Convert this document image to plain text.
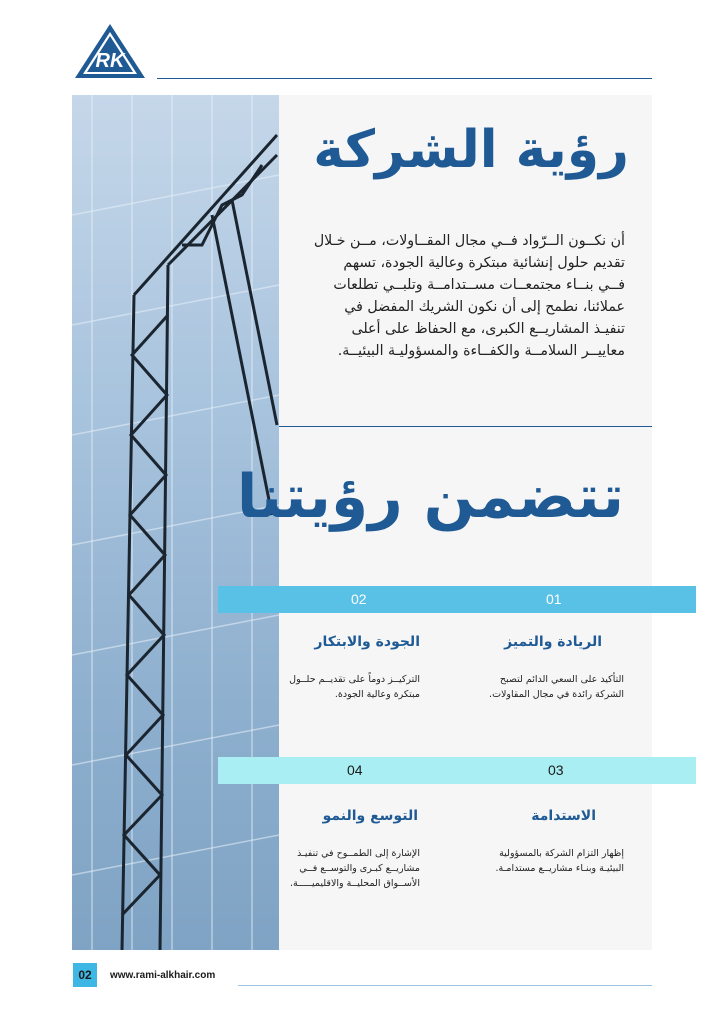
RK
رؤية الشركة
أن نكــون الــرّواد فــي مجال المقــاولات، مــن خـلال
تقديم حلول إنشائية مبتكرة وعالية الجودة، تسهم
فــي بنــاء مجتمعــات مســتدامــة وتلبــي تطلعات
عملائنا، نطمح إلى أن نكون الشريك المفضل في
تنفيـذ المشاريــع الكبرى، مع الحفاظ على أعلى
معاييــر السلامــة والكفــاءة والمسؤوليـة البيئيــة.
تتضمن رؤيتنا
01
02
الريادة والتميز
التأكيد على السعي الدائم لتصبح
الشركة رائدة في مجال المقاولات.
الجودة والابتكار
التركيــز دوماً على تقديــم حلــول
مبتكرة وعالية الجودة.
03
04
الاستدامة
إظهار التزام الشركة بالمسؤولية
البيئيـة وبنـاء مشاريــع مستدامـة.
التوسع والنمو
الإشارة إلى الطمــوح في تنفيـذ
مشاريــع كبـرى والتوســع فــي
الأســواق المحليــة والاقليميـــــة.
02	www.rami-alkhair.com
